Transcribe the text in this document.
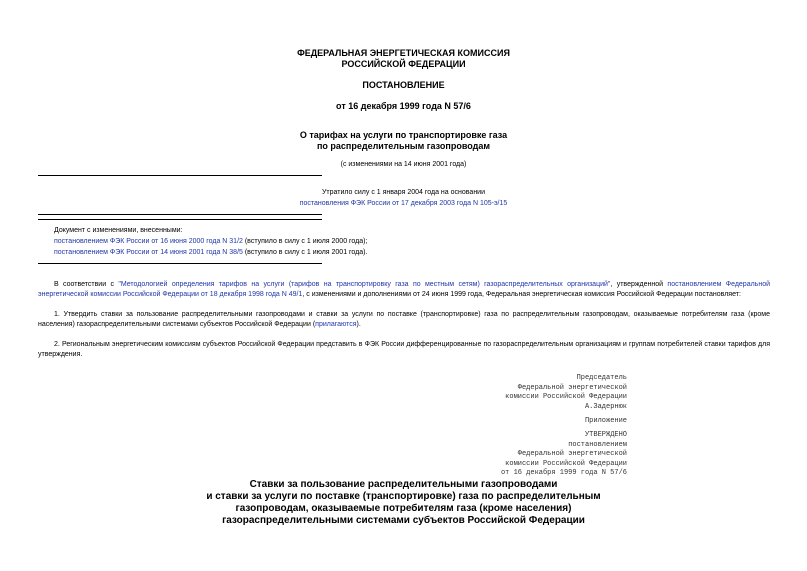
ФЕДЕРАЛЬНАЯ ЭНЕРГЕТИЧЕСКАЯ КОМИССИЯ
РОССИЙСКОЙ ФЕДЕРАЦИИ
ПОСТАНОВЛЕНИЕ
от 16 декабря 1999 года N 57/6
О тарифах на услуги по транспортировке газа
по распределительным газопроводам
(с изменениями на 14 июня 2001 года)
Утратило силу с 1 января 2004 года на основании
постановления ФЭК России от 17 декабря 2003 года N 105-э/15
Документ с изменениями, внесенными:
постановлением ФЭК России от 16 июня 2000 года N 31/2 (вступило в силу с 1 июля 2000 года);
постановлением ФЭК России от 14 июня 2001 года N 38/5 (вступило в силу с 1 июля 2001 года).
В соответствии с "Методологией определения тарифов на услуги (тарифов на транспортировку газа по местным сетям) газораспределительных организаций", утвержденной постановлением Федеральной энергетической комиссии Российской Федерации от 18 декабря 1998 года N 49/1, с изменениями и дополнениями от 24 июня 1999 года, Федеральная энергетическая комиссия Российской Федерации постановляет:
1. Утвердить ставки за пользование распределительными газопроводами и ставки за услуги по поставке (транспортировке) газа по распределительным газопроводам, оказываемые потребителям газа (кроме населения) газораспределительными системами субъектов Российской Федерации (прилагаются).
2. Региональным энергетическим комиссиям субъектов Российской Федерации представить в ФЭК России дифференцированные по газораспределительным организациям и группам потребителей ставки тарифов для утверждения.
Председатель
Федеральной энергетической
комиссии Российской Федерации
А.Задернюк
Приложение
УТВЕРЖДЕНО
постановлением
Федеральной энергетической
комиссии Российской Федерации
от 16 декабря 1999 года N 57/6
Ставки за пользование распределительными газопроводами
и ставки за услуги по поставке (транспортировке) газа по распределительным
газопроводам, оказываемые потребителям газа (кроме населения)
газораспределительными системами субъектов Российской Федерации
